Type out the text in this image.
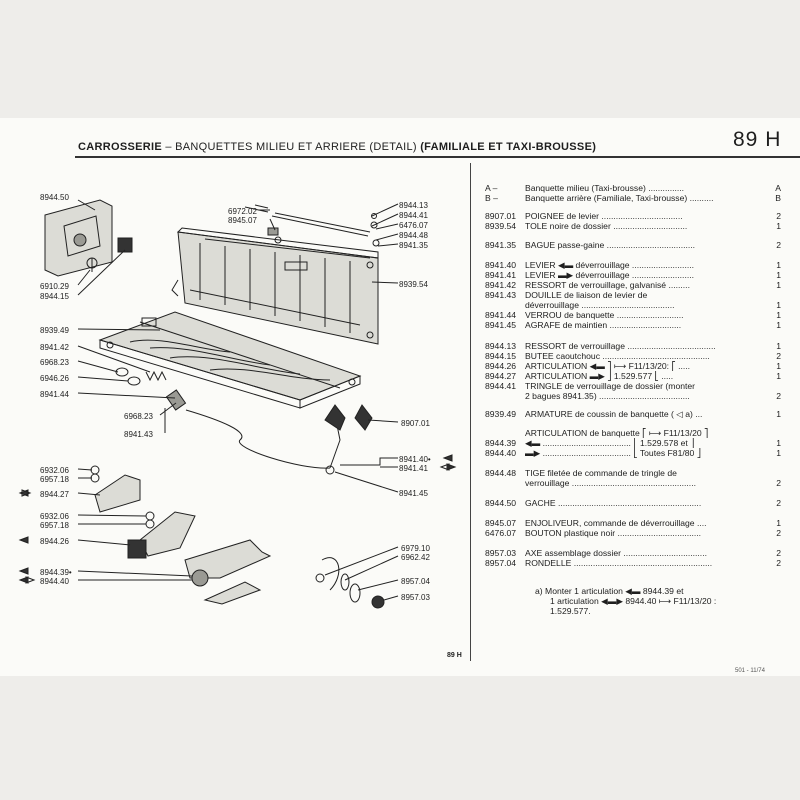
CARROSSERIE – BANQUETTES MILIEU ET ARRIERE (DETAIL) (FAMILIALE ET TAXI-BROUSSE)	89 H
8944.50
6910.29
8944.15
6972.02
8945.07
8944.13
8944.41
6476.07
8944.48
8941.35
8939.54
8939.49
8941.42
6968.23
6946.26
8941.44
6968.23
8941.43
8907.01
8941.40•
8941.41
8941.45
6932.06
6957.18
8944.27
6932.06
6957.18
8944.26
8944.39•
8944.40
6979.10
6962.42
8957.04
8957.03
A –	Banquette milieu (Taxi-brousse) ...............	A
B –	Banquette arrière (Familiale, Taxi-brousse) ..........	B
8907.01	POIGNEE de levier ..................................	2
8939.54	TOLE noire de dossier ...............................	1
8941.35	BAGUE passe-gaine .....................................	2
8941.40	LEVIER ◀▬ déverrouillage ..........................	1
8941.41	LEVIER ▬▶ déverrouillage ..........................	1
8941.42	RESSORT de verrouillage, galvanisé .........	1
8941.43	DOUILLE de liaison de levier de
déverrouillage .......................................	1
8941.44	VERROU de banquette ............................	1
8941.45	AGRAFE de maintien ..............................	1
8944.13	RESSORT de verrouillage .....................................	1
8944.15	BUTEE caoutchouc .............................................	2
8944.26	ARTICULATION ◀▬ ⎤ ⟼ F11/13/20: ⎡ .....	1
8944.27	ARTICULATION ▬▶ ⎦ 1.529.577 ⎣ .....	1
8944.41	TRINGLE de verrouillage de dossier (monter
2 bagues 8941.35) ......................................	2
8939.49	ARMATURE de coussin de banquette ( ◁ a) ...	1
ARTICULATION de banquette ⎡ ⟼ F11/13/20 ⎤
8944.39	◀▬ ..................................... ⎢ 1.529.578 et ⎥	1
8944.40	▬▶ ..................................... ⎣ Toutes F81/80 ⎦	1
8944.48	TIGE filetée de commande de tringle de
verrouillage ....................................................	2
8944.50	GACHE ............................................................	2
8945.07	ENJOLIVEUR, commande de déverrouillage ....	1
6476.07	BOUTON plastique noir ...................................	2
8957.03	AXE assemblage dossier ...................................	2
8957.04	RONDELLE ..........................................................	2
a) Monter 1 articulation ◀▬ 8944.39 et
1 articulation ◀▬▶ 8944.40 ⟼ F11/13/20 :
1.529.577.
89 H
501 - 11/74
